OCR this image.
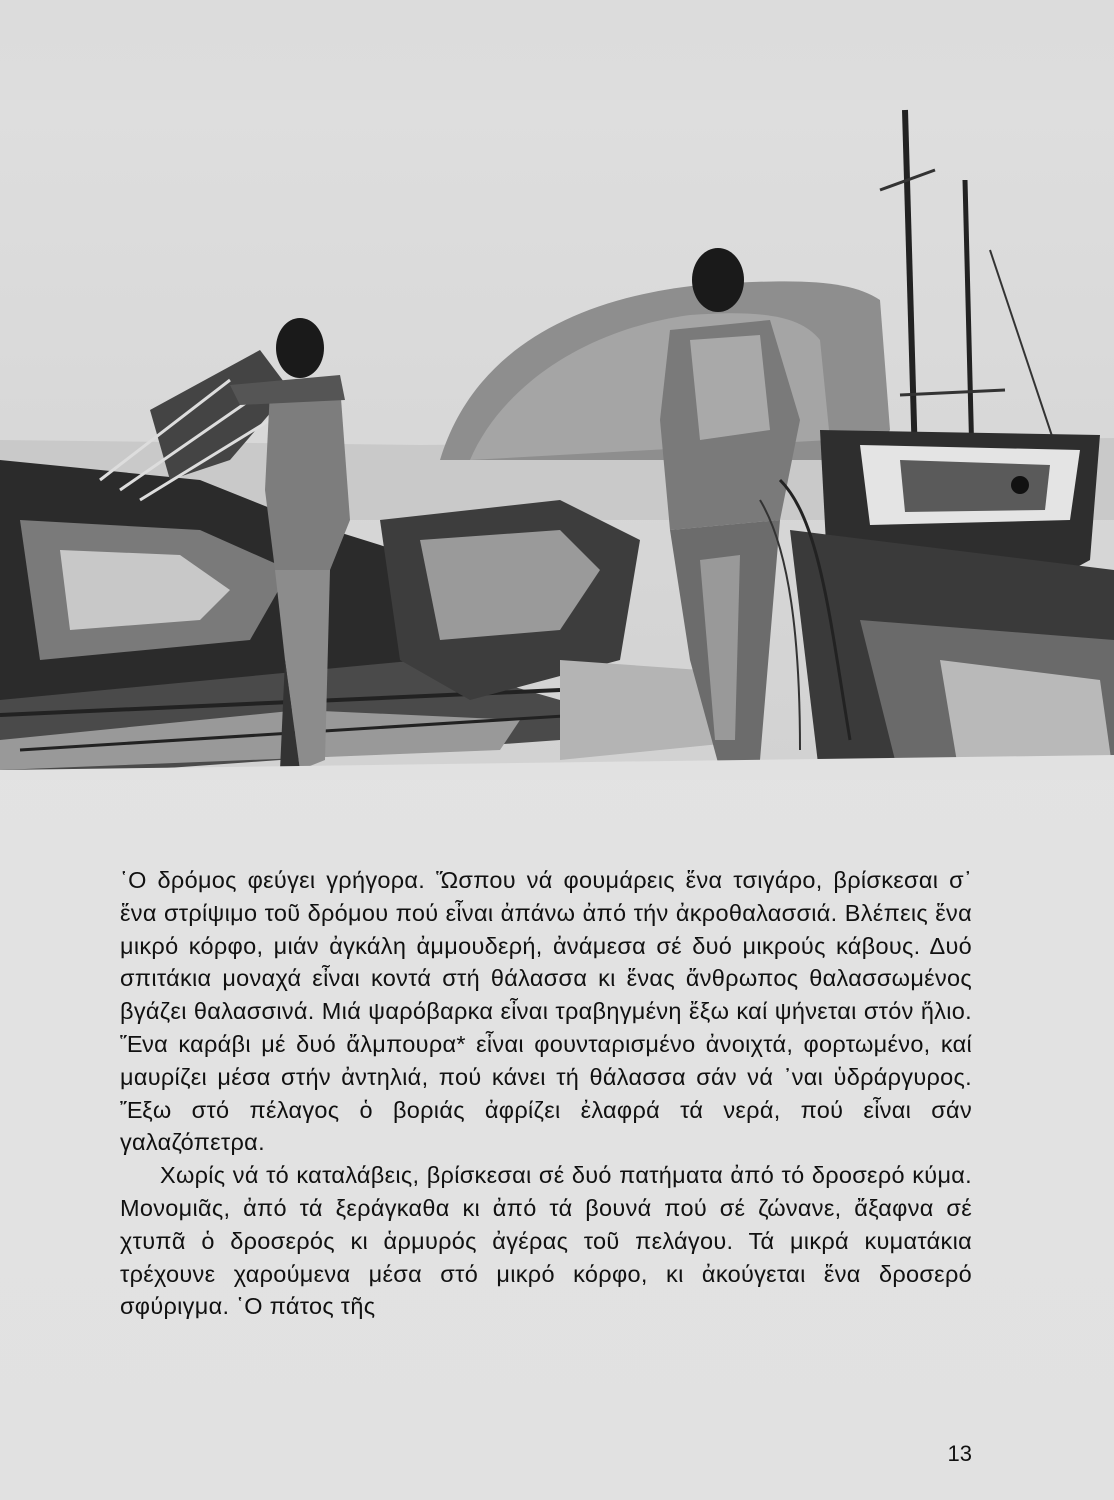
῾Ο δρόμος φεύγει γρήγορα. Ὥσπου νά φουμάρεις ἕνα τσιγάρο, βρίσκεσαι σ᾽ ἕνα στρίψιμο τοῦ δρόμου πού εἶναι ἀπάνω ἀπό τήν ἀκροθαλασσιά. Βλέπεις ἕνα μικρό κόρφο, μιάν ἀγκάλη ἀμμουδερή, ἀνάμεσα σέ δυό μικρούς κάβους. Δυό σπιτάκια μοναχά εἶναι κοντά στή θάλασσα κι ἕνας ἄνθρωπος θαλασσωμένος βγάζει θαλασσινά. Μιά ψαρόβαρκα εἶναι τραβηγμένη ἔξω καί ψήνεται στόν ἥλιο. Ἕνα καράβι μέ δυό ἄλμπουρα* εἶναι φουνταρισμένο ἀνοιχτά, φορτωμένο, καί μαυρίζει μέσα στήν ἀντηλιά, πού κάνει τή θάλασσα σάν νά ᾽ναι ὑδράργυρος. Ἔξω στό πέλαγος ὁ βοριάς ἀφρίζει ἐλαφρά τά νερά, πού εἶναι σάν γαλαζόπετρα.

Χωρίς νά τό καταλάβεις, βρίσκεσαι σέ δυό πατήματα ἀπό τό δροσερό κύμα. Μονομιᾶς, ἀπό τά ξεράγκαθα κι ἀπό τά βουνά πού σέ ζώνανε, ἄξαφνα σέ χτυπᾶ ὁ δροσερός κι ἁρμυρός ἀγέρας τοῦ πελάγου. Τά μικρά κυματάκια τρέχουνε χαρούμενα μέσα στό μικρό κόρφο, κι ἀκούγεται ἕνα δροσερό σφύριγμα. ῾Ο πάτος τῆς

13
